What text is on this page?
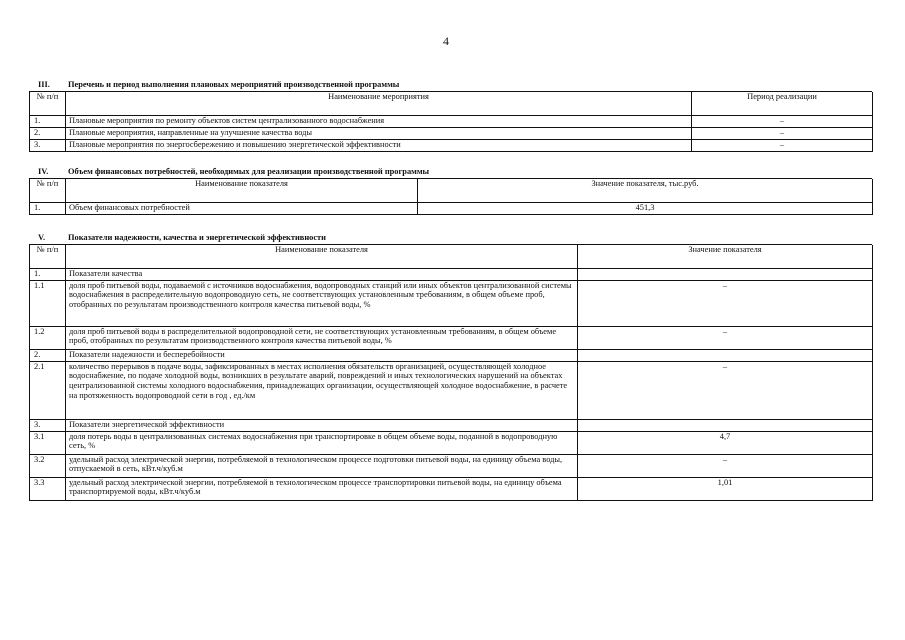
4
III. Перечень и период выполнения плановых мероприятий производственной программы
№ п/п	Наименование мероприятия	Период реализации
1.	Плановые мероприятия по ремонту объектов систем централизованного водоснабжения	–
2.	Плановые мероприятия, направленные на улучшение качества воды	–
3.	Плановые мероприятия по энергосбережению и повышению энергетической эффективности	–
IV. Объем финансовых потребностей, необходимых для реализации производственной программы
№ п/п	Наименование показателя	Значение показателя, тыс.руб.
1.	Объем финансовых потребностей	451,3
V.	Показатели надежности, качества и энергетической эффективности
№ п/п	Наименование показателя	Значение показателя
1.	Показатели качества	
1.1	доля проб питьевой воды, подаваемой с источников водоснабжения, водопроводных станций или иных объектов централизованной системы водоснабжения в распределительную водопроводную сеть, не соответствующих установленным требованиям, в общем объеме проб, отобранных по результатам производственного контроля качества питьевой воды, %	–
1.2	доля проб питьевой воды в распределительной водопроводной сети, не соответствующих установленным требованиям, в общем объеме проб, отобранных по результатам производственного контроля качества питьевой воды, %	–
2.	Показатели надежности и бесперебойности	
2.1	количество перерывов в подаче воды, зафиксированных в местах исполнения обязательств организацией, осуществляющей холодное водоснабжение, по подаче холодной воды, возникших в результате аварий, повреждений и иных технологических нарушений на объектах централизованной системы холодного водоснабжения, принадлежащих организации, осуществляющей холодное водоснабжение, в расчете на протяженность водопроводной сети в год , ед./км	–
3.	Показатели энергетической эффективности	
3.1	доля потерь воды в централизованных системах водоснабжения при транспортировке в общем объеме воды, поданной в водопроводную сеть, %	4,7
3.2	удельный расход электрической энергии, потребляемой в технологическом процессе подготовки питьевой воды, на единицу объема воды, отпускаемой в сеть, кВт.ч/куб.м	–
3.3	удельный расход электрической энергии, потребляемой в технологическом процессе транспортировки питьевой воды, на единицу объема транспортируемой воды, кВт.ч/куб.м	1,01
